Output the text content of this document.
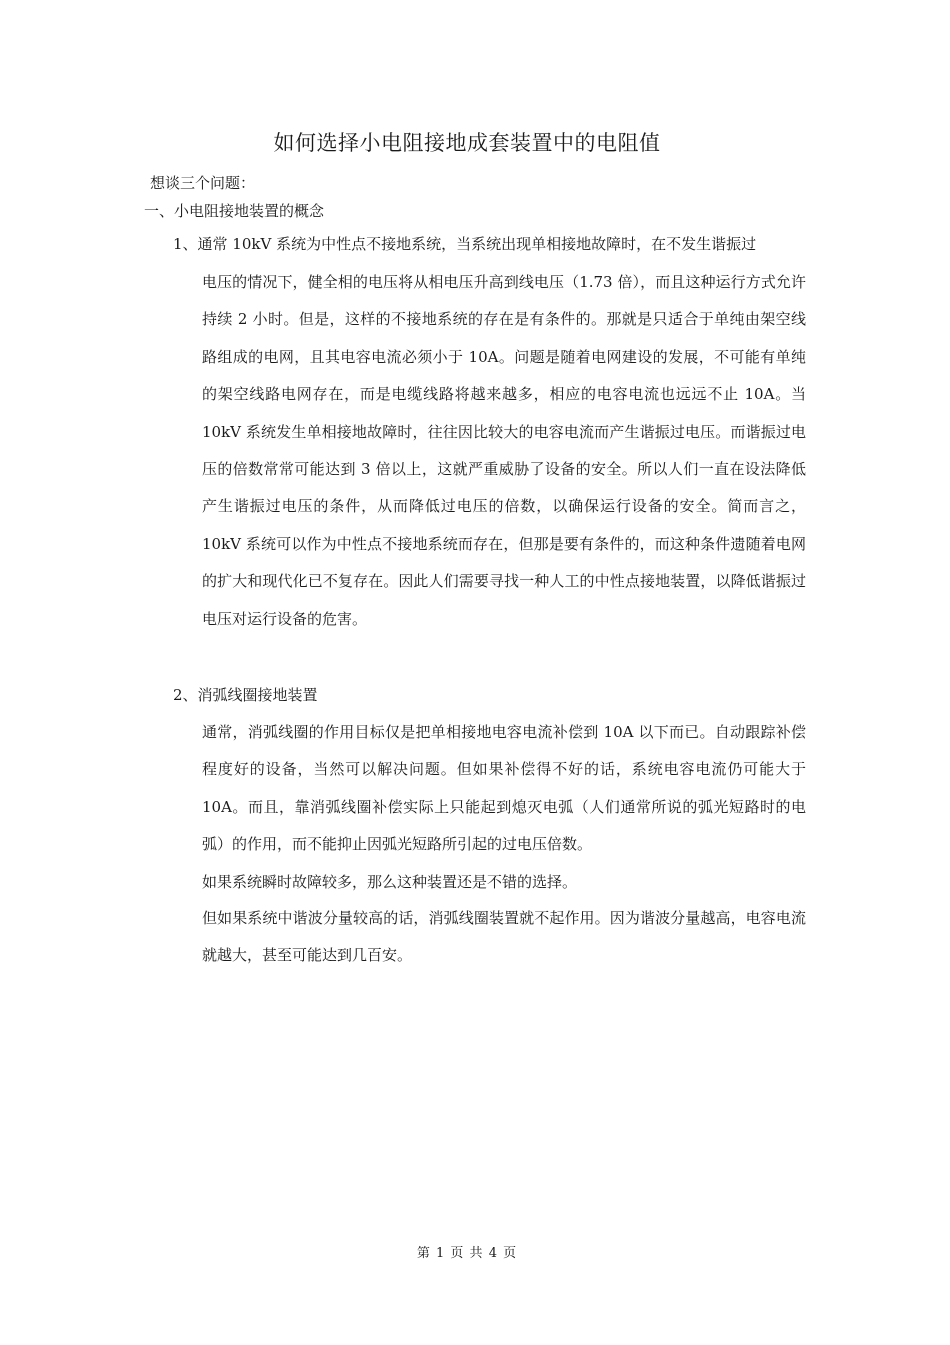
如何选择小电阻接地成套装置中的电阻值
想谈三个问题：
一、小电阻接地装置的概念
1、通常 10kV 系统为中性点不接地系统，当系统出现单相接地故障时，在不发生谐振过
电压的情况下，健全相的电压将从相电压升高到线电压（1.73 倍），而且这种运行方式允许持续 2 小时。但是，这样的不接地系统的存在是有条件的。那就是只适合于单纯由架空线路组成的电网，且其电容电流必须小于 10A。问题是随着电网建设的发展，不可能有单纯的架空线路电网存在，而是电缆线路将越来越多，相应的电容电流也远远不止 10A。当 10kV 系统发生单相接地故障时，往往因比较大的电容电流而产生谐振过电压。而谐振过电压的倍数常常可能达到 3 倍以上，这就严重威胁了设备的安全。所以人们一直在设法降低产生谐振过电压的条件，从而降低过电压的倍数，以确保运行设备的安全。简而言之，10kV 系统可以作为中性点不接地系统而存在，但那是要有条件的，而这种条件遗随着电网的扩大和现代化已不复存在。因此人们需要寻找一种人工的中性点接地装置，以降低谐振过电压对运行设备的危害。
2、消弧线圈接地装置
通常，消弧线圈的作用目标仅是把单相接地电容电流补偿到 10A 以下而已。自动跟踪补偿程度好的设备，当然可以解决问题。但如果补偿得不好的话，系统电容电流仍可能大于 10A。而且，靠消弧线圈补偿实际上只能起到熄灭电弧（人们通常所说的弧光短路时的电弧）的作用，而不能抑止因弧光短路所引起的过电压倍数。
如果系统瞬时故障较多，那么这种装置还是不错的选择。
但如果系统中谐波分量较高的话，消弧线圈装置就不起作用。因为谐波分量越高，电容电流就越大，甚至可能达到几百安。
第 1 页 共 4 页
